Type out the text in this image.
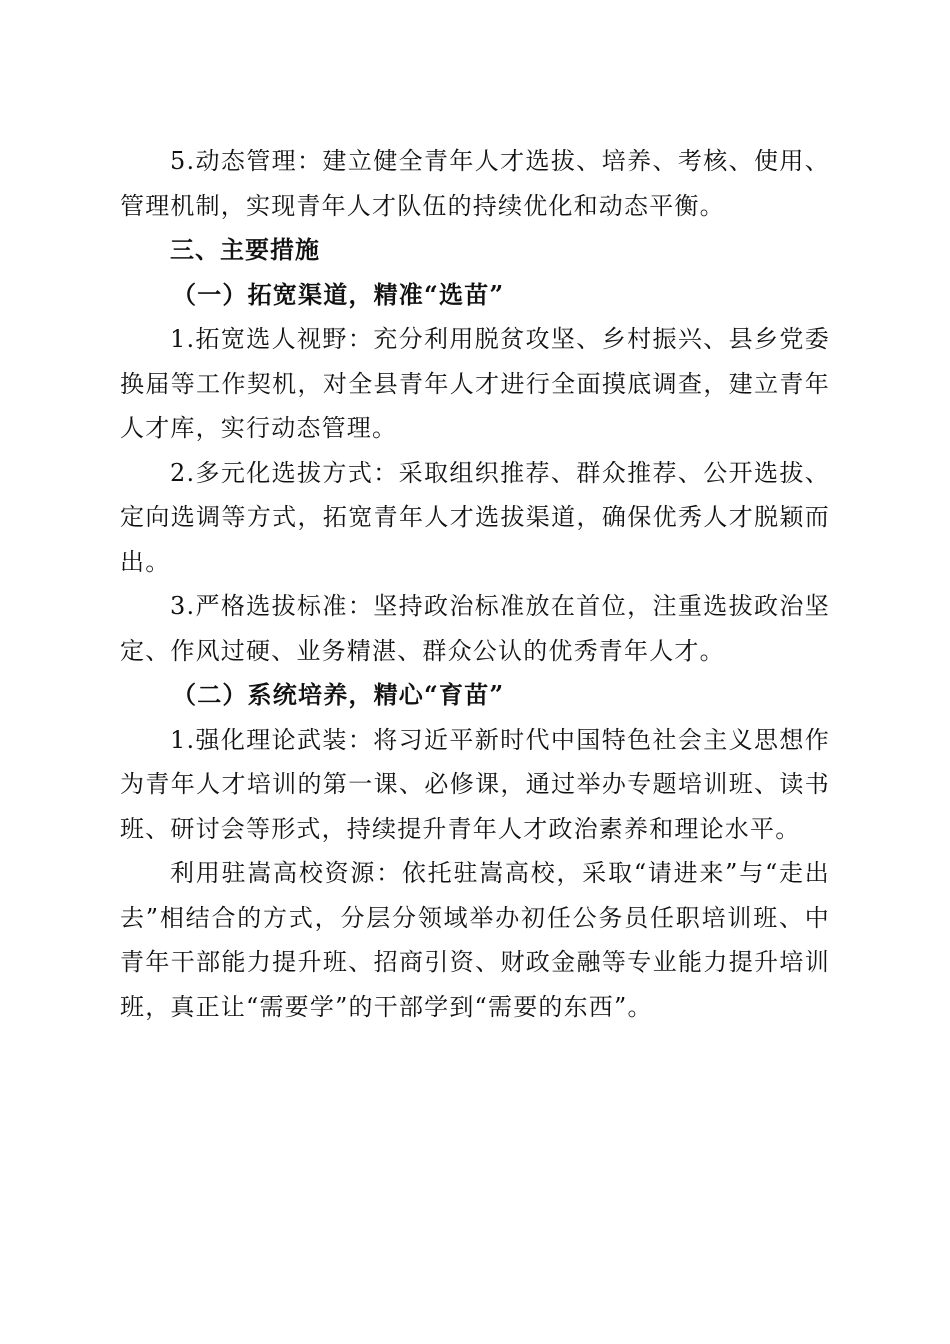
5.动态管理：建立健全青年人才选拔、培养、考核、使用、管理机制，实现青年人才队伍的持续优化和动态平衡。

三、主要措施

（一）拓宽渠道，精准“选苗”

1.拓宽选人视野：充分利用脱贫攻坚、乡村振兴、县乡党委换届等工作契机，对全县青年人才进行全面摸底调查，建立青年人才库，实行动态管理。

2.多元化选拔方式：采取组织推荐、群众推荐、公开选拔、定向选调等方式，拓宽青年人才选拔渠道，确保优秀人才脱颖而出。

3.严格选拔标准：坚持政治标准放在首位，注重选拔政治坚定、作风过硬、业务精湛、群众公认的优秀青年人才。

（二）系统培养，精心“育苗”

1.强化理论武装：将习近平新时代中国特色社会主义思想作为青年人才培训的第一课、必修课，通过举办专题培训班、读书班、研讨会等形式，持续提升青年人才政治素养和理论水平。

利用驻嵩高校资源：依托驻嵩高校，采取“请进来”与“走出去”相结合的方式，分层分领域举办初任公务员任职培训班、中青年干部能力提升班、招商引资、财政金融等专业能力提升培训班，真正让“需要学”的干部学到“需要的东西”。
